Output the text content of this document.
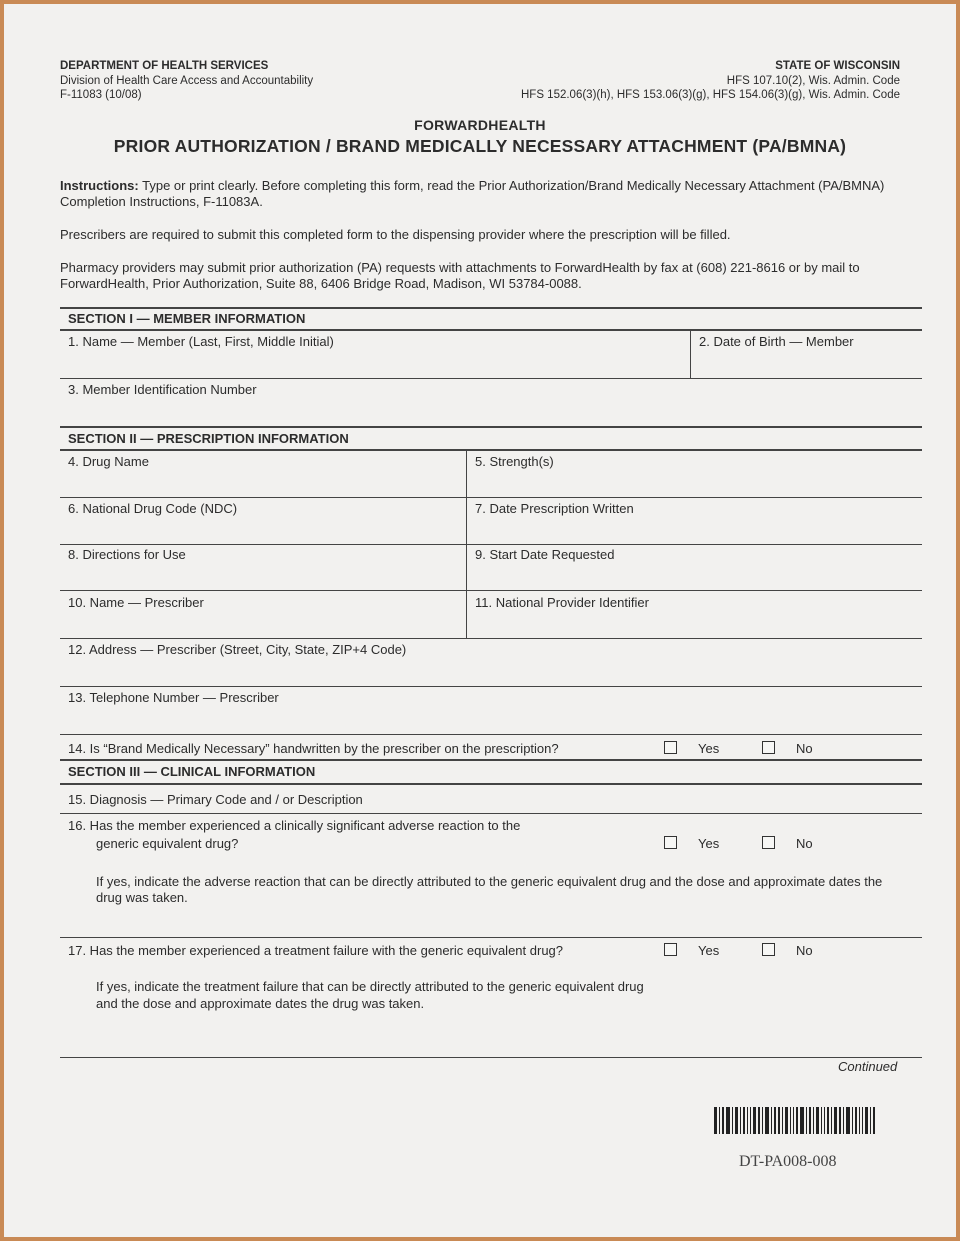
DEPARTMENT OF HEALTH SERVICES
Division of Health Care Access and Accountability
F-11083 (10/08)
STATE OF WISCONSIN
HFS 107.10(2), Wis. Admin. Code
HFS 152.06(3)(h), HFS 153.06(3)(g), HFS 154.06(3)(g), Wis. Admin. Code
FORWARDHEALTH
PRIOR AUTHORIZATION / BRAND MEDICALLY NECESSARY ATTACHMENT (PA/BMNA)
Instructions: Type or print clearly. Before completing this form, read the Prior Authorization/Brand Medically Necessary Attachment (PA/BMNA) Completion Instructions, F-11083A.
Prescribers are required to submit this completed form to the dispensing provider where the prescription will be filled.
Pharmacy providers may submit prior authorization (PA) requests with attachments to ForwardHealth by fax at (608) 221-8616 or by mail to ForwardHealth, Prior Authorization, Suite 88, 6406 Bridge Road, Madison, WI 53784-0088.
SECTION I — MEMBER INFORMATION
1. Name — Member (Last, First, Middle Initial)	2. Date of Birth — Member
3. Member Identification Number
SECTION II — PRESCRIPTION INFORMATION
4. Drug Name	5. Strength(s)
6. National Drug Code (NDC)	7. Date Prescription Written
8. Directions for Use	9. Start Date Requested
10. Name — Prescriber	11. National Provider Identifier
12. Address — Prescriber (Street, City, State, ZIP+4 Code)
13. Telephone Number — Prescriber
14. Is “Brand Medically Necessary” handwritten by the prescriber on the prescription?	Yes	No
SECTION III — CLINICAL INFORMATION
15. Diagnosis — Primary Code and / or Description
16. Has the member experienced a clinically significant adverse reaction to the
generic equivalent drug?	Yes	No
If yes, indicate the adverse reaction that can be directly attributed to the generic equivalent drug and the dose and approximate dates the drug was taken.
17. Has the member experienced a treatment failure with the generic equivalent drug?	Yes	No
If yes, indicate the treatment failure that can be directly attributed to the generic equivalent drug and the dose and approximate dates the drug was taken.
Continued
DT-PA008-008
